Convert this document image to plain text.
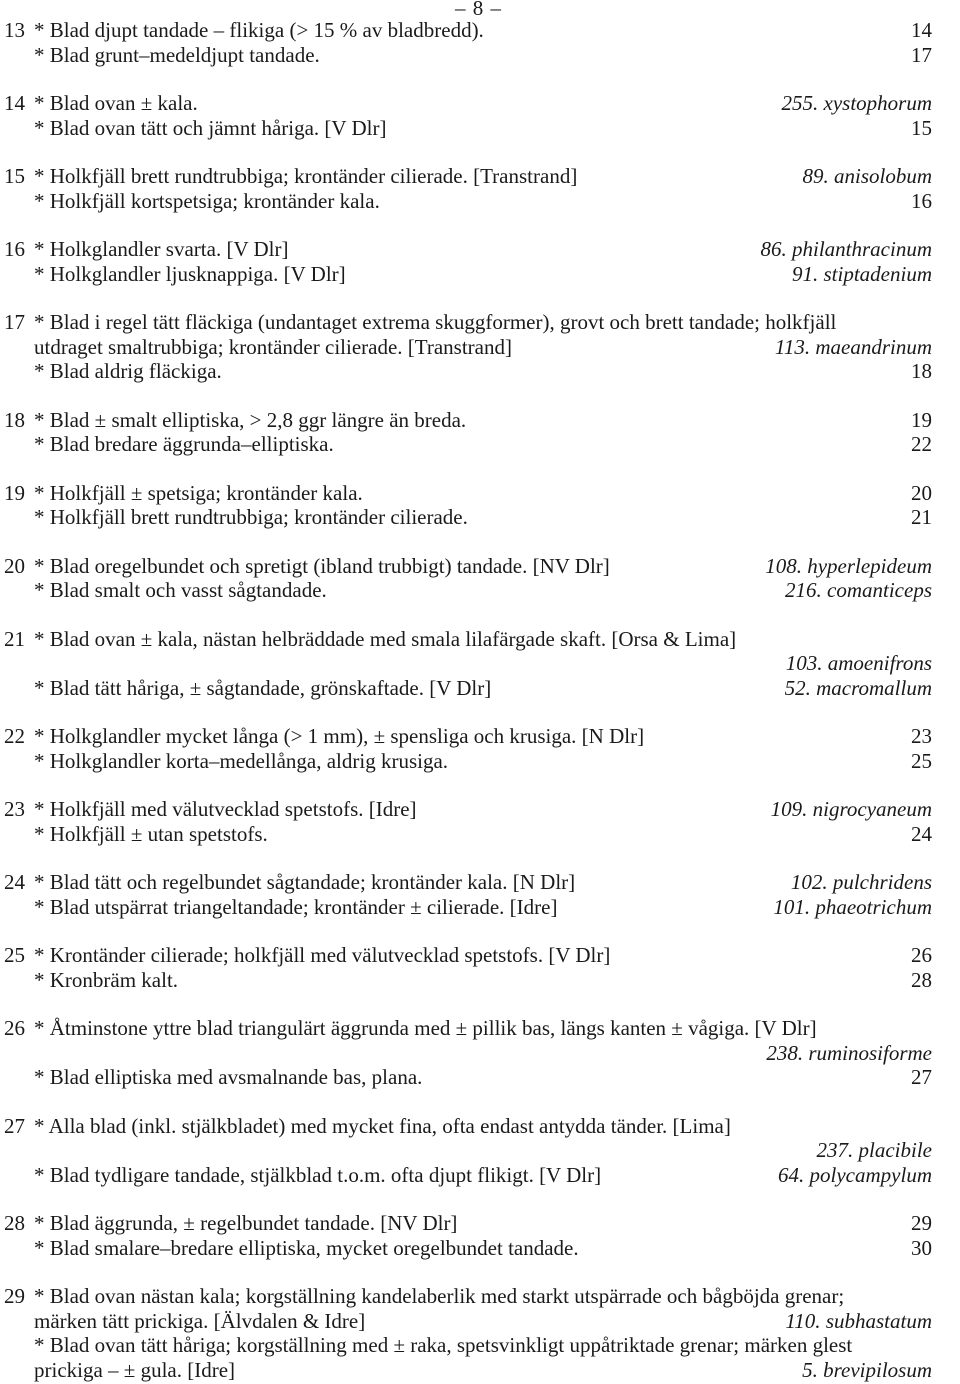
– 8 –
13 * Blad djupt tandade – flikiga (> 15 % av bladbredd).	14
* Blad grunt–medeldjupt tandade.	17
14 * Blad ovan ± kala.	255. xystophorum
* Blad ovan tätt och jämnt håriga. [V Dlr]	15
15 * Holkfjäll brett rundtrubbiga; krontänder cilierade. [Transtrand]	89. anisolobum
* Holkfjäll kortspetsiga; krontänder kala.	16
16 * Holkglandler svarta. [V Dlr]	86. philanthracinum
* Holkglandler ljusknappiga. [V Dlr]	91. stiptadenium
17 * Blad i regel tätt fläckiga (undantaget extrema skuggformer), grovt och brett tandade; holkfjäll
utdraget smaltrubbiga; krontänder cilierade. [Transtrand]	113. maeandrinum
* Blad aldrig fläckiga.	18
18 * Blad ± smalt elliptiska, > 2,8 ggr längre än breda.	19
* Blad bredare äggrunda–elliptiska.	22
19 * Holkfjäll ± spetsiga; krontänder kala.	20
* Holkfjäll brett rundtrubbiga; krontänder cilierade.	21
20 * Blad oregelbundet och spretigt (ibland trubbigt) tandade. [NV Dlr]	108. hyperlepideum
* Blad smalt och vasst sågtandade.	216. comanticeps
21 * Blad ovan ± kala, nästan helbräddade med smala lilafärgade skaft. [Orsa & Lima]
103. amoenifrons
* Blad tätt håriga, ± sågtandade, grönskaftade. [V Dlr]	52. macromallum
22 * Holkglandler mycket långa (> 1 mm), ± spensliga och krusiga. [N Dlr]	23
* Holkglandler korta–medellånga, aldrig krusiga.	25
23 * Holkfjäll med välutvecklad spetstofs. [Idre]	109. nigrocyaneum
* Holkfjäll ± utan spetstofs.	24
24 * Blad tätt och regelbundet sågtandade; krontänder kala. [N Dlr]	102. pulchridens
* Blad utspärrat triangeltandade; krontänder ± cilierade. [Idre]	101. phaeotrichum
25 * Krontänder cilierade; holkfjäll med välutvecklad spetstofs. [V Dlr]	26
* Kronbräm kalt.	28
26 * Åtminstone yttre blad triangulärt äggrunda med ± pillik bas, längs kanten ± vågiga. [V Dlr]
238. ruminosiforme
* Blad elliptiska med avsmalnande bas, plana.	27
27 * Alla blad (inkl. stjälkbladet) med mycket fina, ofta endast antydda tänder. [Lima]
237. placibile
* Blad tydligare tandade, stjälkblad t.o.m. ofta djupt flikigt. [V Dlr]	64. polycampylum
28 * Blad äggrunda, ± regelbundet tandade. [NV Dlr]	29
* Blad smalare–bredare elliptiska, mycket oregelbundet tandade.	30
29 * Blad ovan nästan kala; korgställning kandelaberlik med starkt utspärrade och bågböjda grenar;
märken tätt prickiga. [Älvdalen & Idre]	110. subhastatum
* Blad ovan tätt håriga; korgställning med ± raka, spetsvinkligt uppåtriktade grenar; märken glest
prickiga – ± gula. [Idre]	5. brevipilosum
